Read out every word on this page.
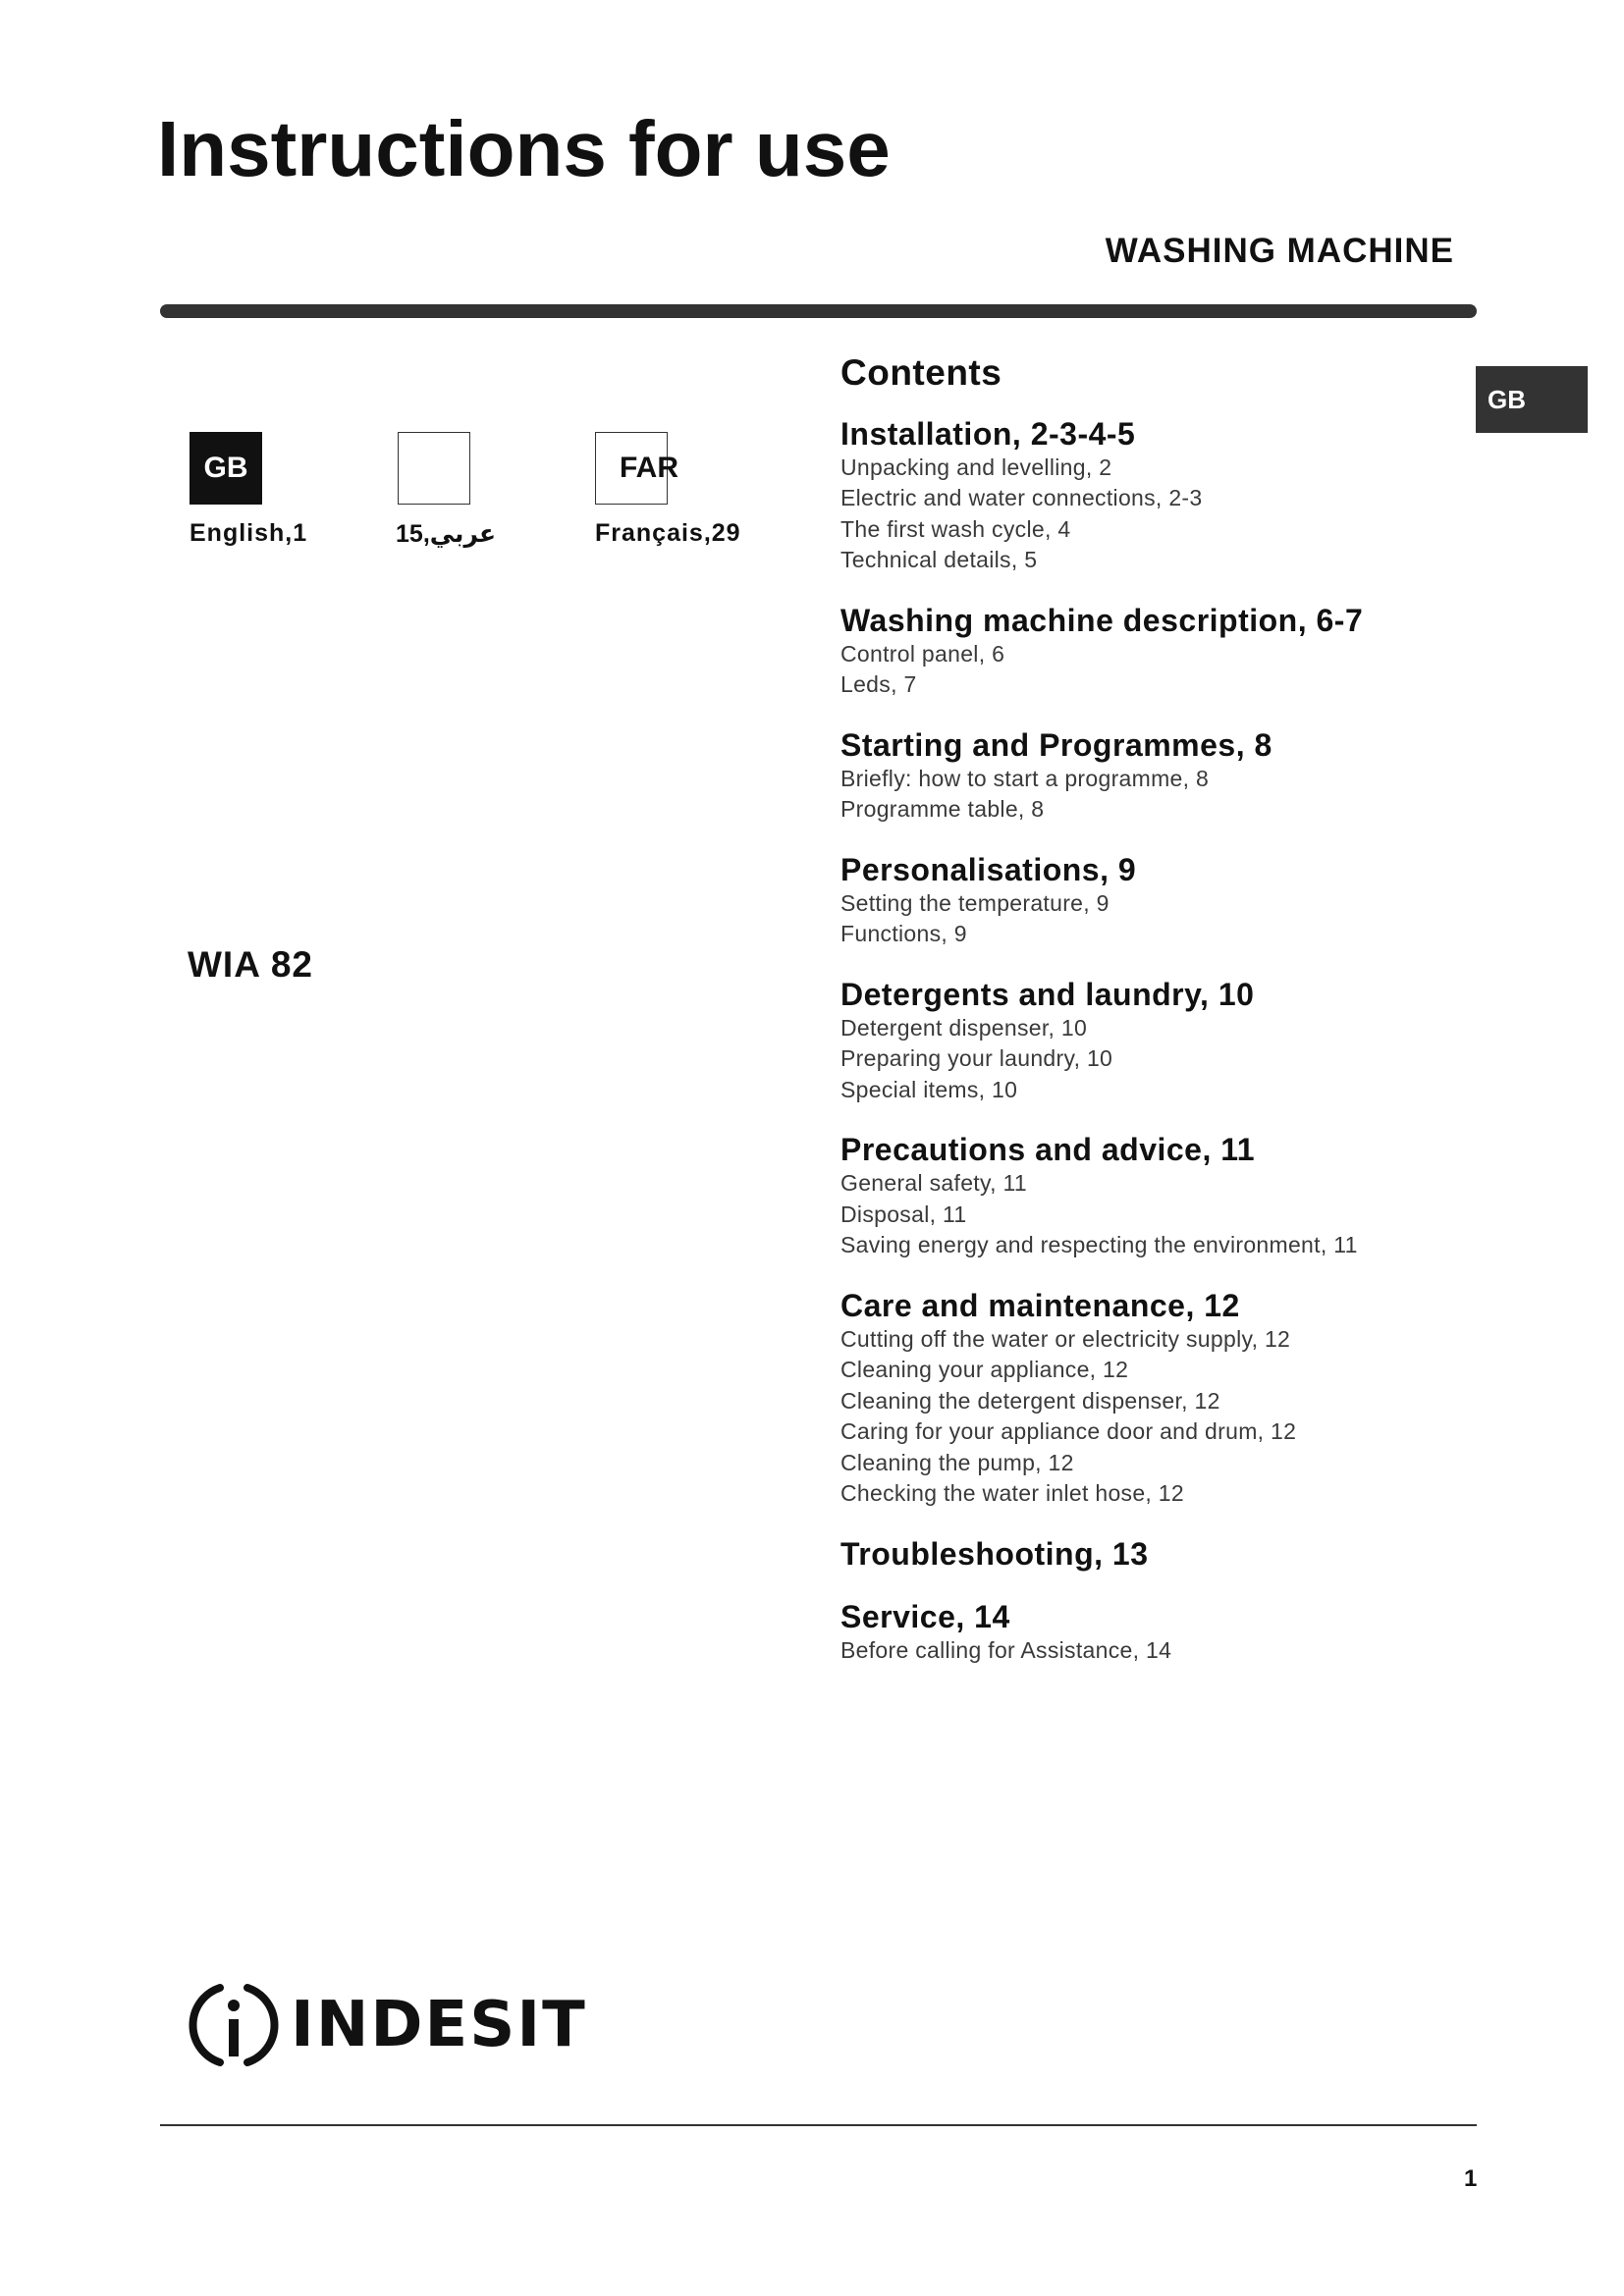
Instructions for use
WASHING MACHINE
GB
GB	FAR
English,1	عربي,15	Français,29
WIA 82
Contents
Installation, 2-3-4-5
Unpacking and levelling, 2
Electric and water connections, 2-3
The first wash cycle, 4
Technical details, 5
Washing machine description, 6-7
Control panel, 6
Leds, 7
Starting and Programmes, 8
Briefly: how to start a programme, 8
Programme table, 8
Personalisations, 9
Setting the temperature, 9
Functions, 9
Detergents and laundry, 10
Detergent dispenser, 10
Preparing your laundry, 10
Special items, 10
Precautions and advice, 11
General safety, 11
Disposal, 11
Saving energy and respecting the environment, 11
Care and maintenance, 12
Cutting off the water or electricity supply, 12
Cleaning your appliance, 12
Cleaning the detergent dispenser, 12
Caring for your appliance door and drum, 12
Cleaning the pump, 12
Checking the water inlet hose, 12
Troubleshooting, 13
Service, 14
Before calling for Assistance, 14
INDESIT
1
